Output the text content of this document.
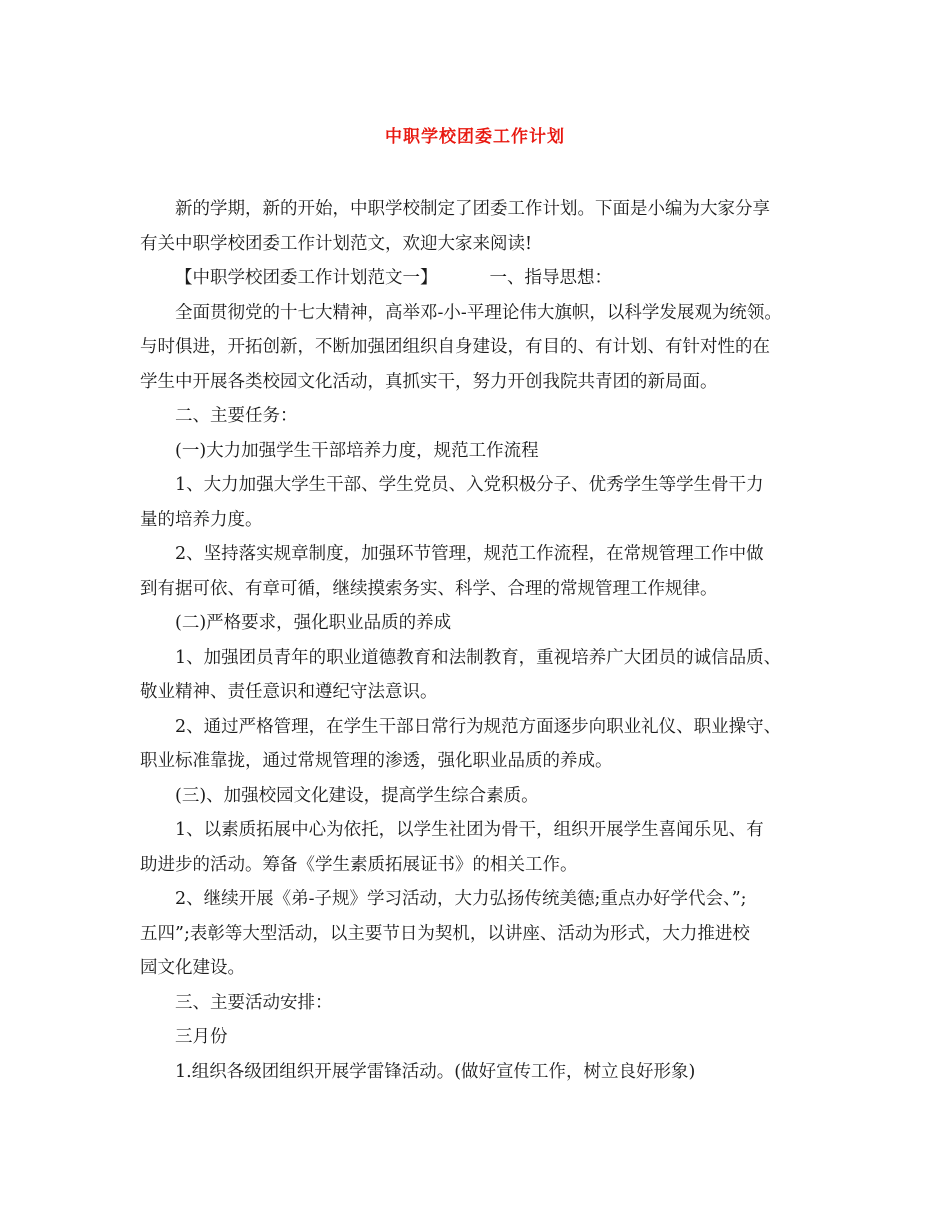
中职学校团委工作计划
新的学期，新的开始，中职学校制定了团委工作计划。下面是小编为大家分享
有关中职学校团委工作计划范文，欢迎大家来阅读!
【中职学校团委工作计划范文一】	一、指导思想：
全面贯彻党的十七大精神，高举邓-小-平理论伟大旗帜，以科学发展观为统领。
与时俱进，开拓创新，不断加强团组织自身建设，有目的、有计划、有针对性的在
学生中开展各类校园文化活动，真抓实干，努力开创我院共青团的新局面。
二、主要任务：
(一)大力加强学生干部培养力度，规范工作流程
1、大力加强大学生干部、学生党员、入党积极分子、优秀学生等学生骨干力
量的培养力度。
2、坚持落实规章制度，加强环节管理，规范工作流程，在常规管理工作中做
到有据可依、有章可循，继续摸索务实、科学、合理的常规管理工作规律。
(二)严格要求，强化职业品质的养成
1、加强团员青年的职业道德教育和法制教育，重视培养广大团员的诚信品质、
敬业精神、责任意识和遵纪守法意识。
2、通过严格管理，在学生干部日常行为规范方面逐步向职业礼仪、职业操守、
职业标准靠拢，通过常规管理的渗透，强化职业品质的养成。
(三)、加强校园文化建设，提高学生综合素质。
1、以素质拓展中心为依托，以学生社团为骨干，组织开展学生喜闻乐见、有
助进步的活动。筹备《学生素质拓展证书》的相关工作。
2、继续开展《弟-子规》学习活动，大力弘扬传统美德;重点办好学代会、”;
五四”;表彰等大型活动，以主要节日为契机，以讲座、活动为形式，大力推进校
园文化建设。
三、主要活动安排：
三月份
1.组织各级团组织开展学雷锋活动。(做好宣传工作，树立良好形象)
